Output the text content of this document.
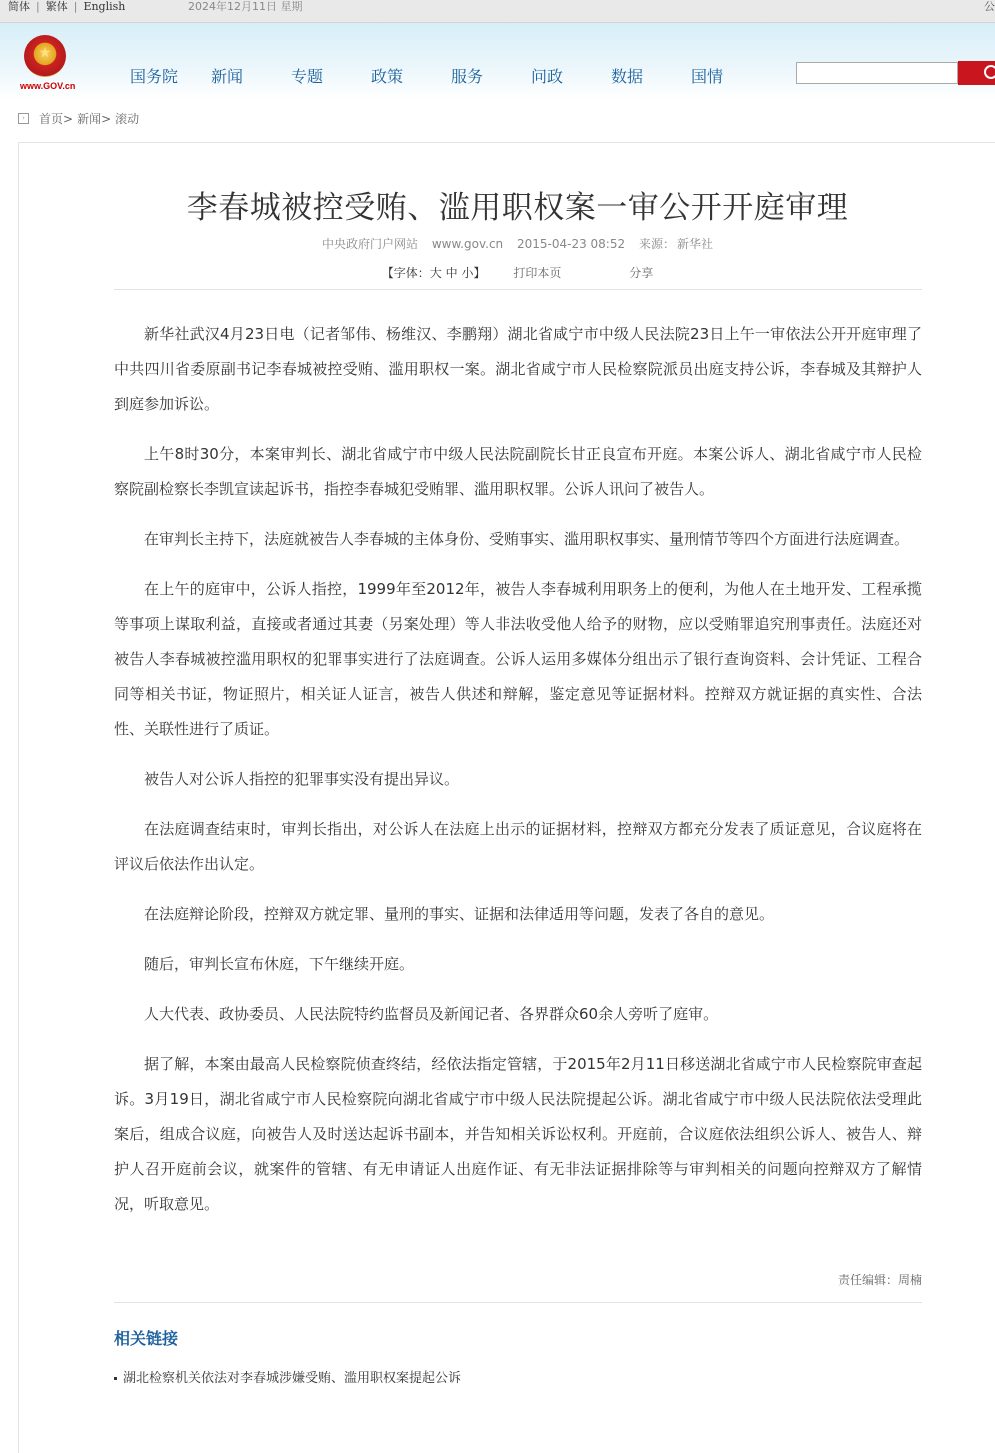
简体 | 繁体 | English	2024年12月11日 星期	公
★
www.GOV.cn	国务院	新闻	专题	政策	服务	问政	数据	国情
›	首页 > 新闻 > 滚动
李春城被控受贿、滥用职权案一审公开开庭审理
中央政府门户网站 www.gov.cn 2015-04-23 08:52 来源： 新华社
【字体：大 中 小】 打印本页	分享

新华社武汉4月23日电（记者邹伟、杨维汉、李鹏翔）湖北省咸宁市中级人民法院23日上午一审依法公开开庭审理了中共四川省委原副书记李春城被控受贿、滥用职权一案。湖北省咸宁市人民检察院派员出庭支持公诉，李春城及其辩护人到庭参加诉讼。

上午8时30分，本案审判长、湖北省咸宁市中级人民法院副院长甘正良宣布开庭。本案公诉人、湖北省咸宁市人民检察院副检察长李凯宣读起诉书，指控李春城犯受贿罪、滥用职权罪。公诉人讯问了被告人。

在审判长主持下，法庭就被告人李春城的主体身份、受贿事实、滥用职权事实、量刑情节等四个方面进行法庭调查。

在上午的庭审中，公诉人指控，1999年至2012年，被告人李春城利用职务上的便利，为他人在土地开发、工程承揽等事项上谋取利益，直接或者通过其妻（另案处理）等人非法收受他人给予的财物，应以受贿罪追究刑事责任。法庭还对被告人李春城被控滥用职权的犯罪事实进行了法庭调查。公诉人运用多媒体分组出示了银行查询资料、会计凭证、工程合同等相关书证，物证照片，相关证人证言，被告人供述和辩解，鉴定意见等证据材料。控辩双方就证据的真实性、合法性、关联性进行了质证。

被告人对公诉人指控的犯罪事实没有提出异议。

在法庭调查结束时，审判长指出，对公诉人在法庭上出示的证据材料，控辩双方都充分发表了质证意见，合议庭将在评议后依法作出认定。

在法庭辩论阶段，控辩双方就定罪、量刑的事实、证据和法律适用等问题，发表了各自的意见。

随后，审判长宣布休庭，下午继续开庭。

人大代表、政协委员、人民法院特约监督员及新闻记者、各界群众60余人旁听了庭审。

据了解，本案由最高人民检察院侦查终结，经依法指定管辖，于2015年2月11日移送湖北省咸宁市人民检察院审查起诉。3月19日，湖北省咸宁市人民检察院向湖北省咸宁市中级人民法院提起公诉。湖北省咸宁市中级人民法院依法受理此案后，组成合议庭，向被告人及时送达起诉书副本，并告知相关诉讼权利。开庭前，合议庭依法组织公诉人、被告人、辩护人召开庭前会议，就案件的管辖、有无申请证人出庭作证、有无非法证据排除等与审判相关的问题向控辩双方了解情况，听取意见。

责任编辑：周楠
相关链接
湖北检察机关依法对李春城涉嫌受贿、滥用职权案提起公诉
